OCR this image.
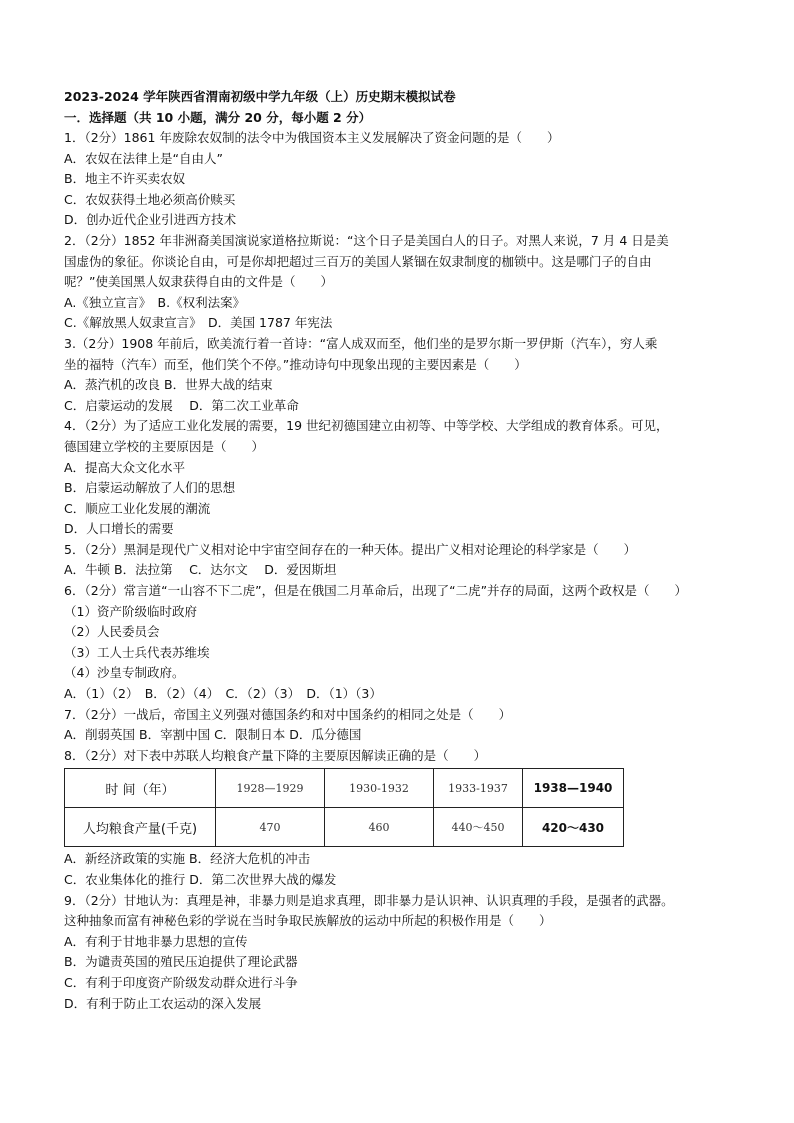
2023-2024 学年陕西省渭南初级中学九年级（上）历史期末模拟试卷

一．选择题（共 10 小题，满分 20 分，每小题 2 分）

1．（2分）1861 年废除农奴制的法令中为俄国资本主义发展解决了资金问题的是（　　）

A．农奴在法律上是“自由人”

B．地主不许买卖农奴

C．农奴获得土地必须高价赎买

D．创办近代企业引进西方技术

2．（2分）1852 年非洲裔美国演说家道格拉斯说：“这个日子是美国白人的日子。对黑人来说，7 月 4 日是美

国虚伪的象征。你谈论自由，可是你却把超过三百万的美国人紧锢在奴隶制度的枷锁中。这是哪门子的自由

呢？”使美国黑人奴隶获得自由的文件是（　　）

A.《独立宣言》　B.《权利法案》

C.《解放黑人奴隶宣言》　D．美国 1787 年宪法

3.（2分）1908 年前后，欧美流行着一首诗：“富人成双而至，他们坐的是罗尔斯一罗伊斯（汽车），穷人乘

坐的福特（汽车）而至，他们笑个不停。”推动诗句中现象出现的主要因素是（　　）

A．蒸汽机的改良 B．世界大战的结束

C．启蒙运动的发展　 D．第二次工业革命

4．（2分）为了适应工业化发展的需要，19 世纪初德国建立由初等、中等学校、大学组成的教育体系。可见，

德国建立学校的主要原因是（　　）

A．提高大众文化水平

B．启蒙运动解放了人们的思想

C．顺应工业化发展的潮流

D．人口增长的需要

5．（2分）黑洞是现代广义相对论中宇宙空间存在的一种天体。提出广义相对论理论的科学家是（　　）

A．牛顿 B．法拉第　 C．达尔文　 D．爱因斯坦

6．（2分）常言道“一山容不下二虎”，但是在俄国二月革命后，出现了“二虎”并存的局面，这两个政权是（　　）

（1）资产阶级临时政府

（2）人民委员会

（3）工人士兵代表苏维埃

（4）沙皇专制政府。

A．（1）（2）　B．（2）（4）　C．（2）（3）　D．（1）（3）

7．（2分）一战后，帝国主义列强对德国条约和对中国条约的相同之处是（　　）

A．削弱英国 B．宰割中国 C．限制日本 D．瓜分德国

8．（2分）对下表中苏联人均粮食产量下降的主要原因解读正确的是（　　）

时 间（年）	1928—1929	1930-1932	1933-1937	1938—1940
人均粮食产量(千克)	470	460	440～450	420～430

A．新经济政策的实施 B．经济大危机的冲击

C．农业集体化的推行 D．第二次世界大战的爆发

9．（2分）甘地认为：真理是神，非暴力则是追求真理，即非暴力是认识神、认识真理的手段，是强者的武器。

这种抽象而富有神秘色彩的学说在当时争取民族解放的运动中所起的积极作用是（　　）

A．有利于甘地非暴力思想的宣传

B．为谴责英国的殖民压迫提供了理论武器

C．有利于印度资产阶级发动群众进行斗争

D．有利于防止工农运动的深入发展
